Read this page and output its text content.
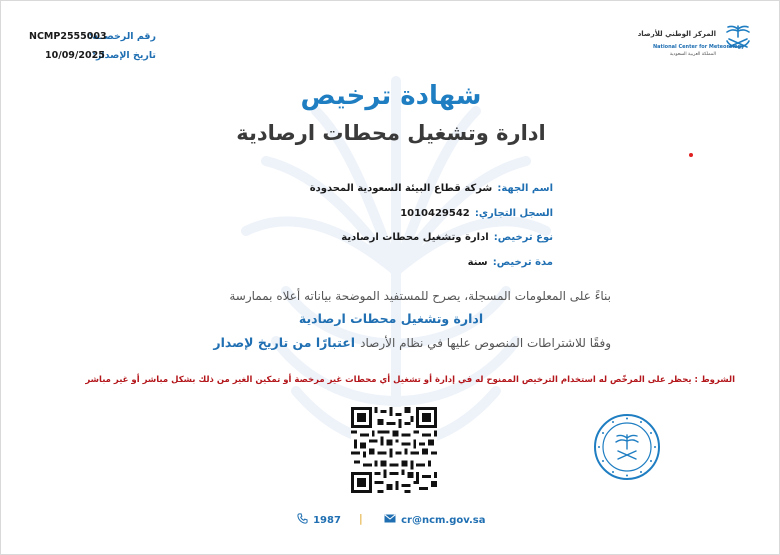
رقم الرخصــة:
NCMP2555003
تاريخ الإصدار:
10/09/2025
المركز الوطني للأرصاد
National Center for Meteorology
المملكة العربية السعودية
شهادة ترخيص
ادارة وتشغيل محطات ارصادية
اسم الجهة: شركة قطاع البيئة السعودية المحدودة
السجل التجاري: 1010429542
نوع ترخيص: ادارة وتشغيل محطات ارصادية
مدة ترخيص: سنة
بناءً على المعلومات المسجلة، يصرح للمستفيد الموضحة بياناته أعلاه بممارسة
ادارة وتشغيل محطات ارصادية
وفقًا للاشتراطات المنصوص عليها في نظام الأرصاد اعتبارًا من تاريخ لإصدار
الشروط : يحظر على المرخّص له استخدام الترخيص الممنوح له في إدارة أو تشغيل أي محطات غير مرخصة أو تمكين الغير من ذلك بشكل مباشر أو غير مباشر
1987 |	cr@ncm.gov.sa
